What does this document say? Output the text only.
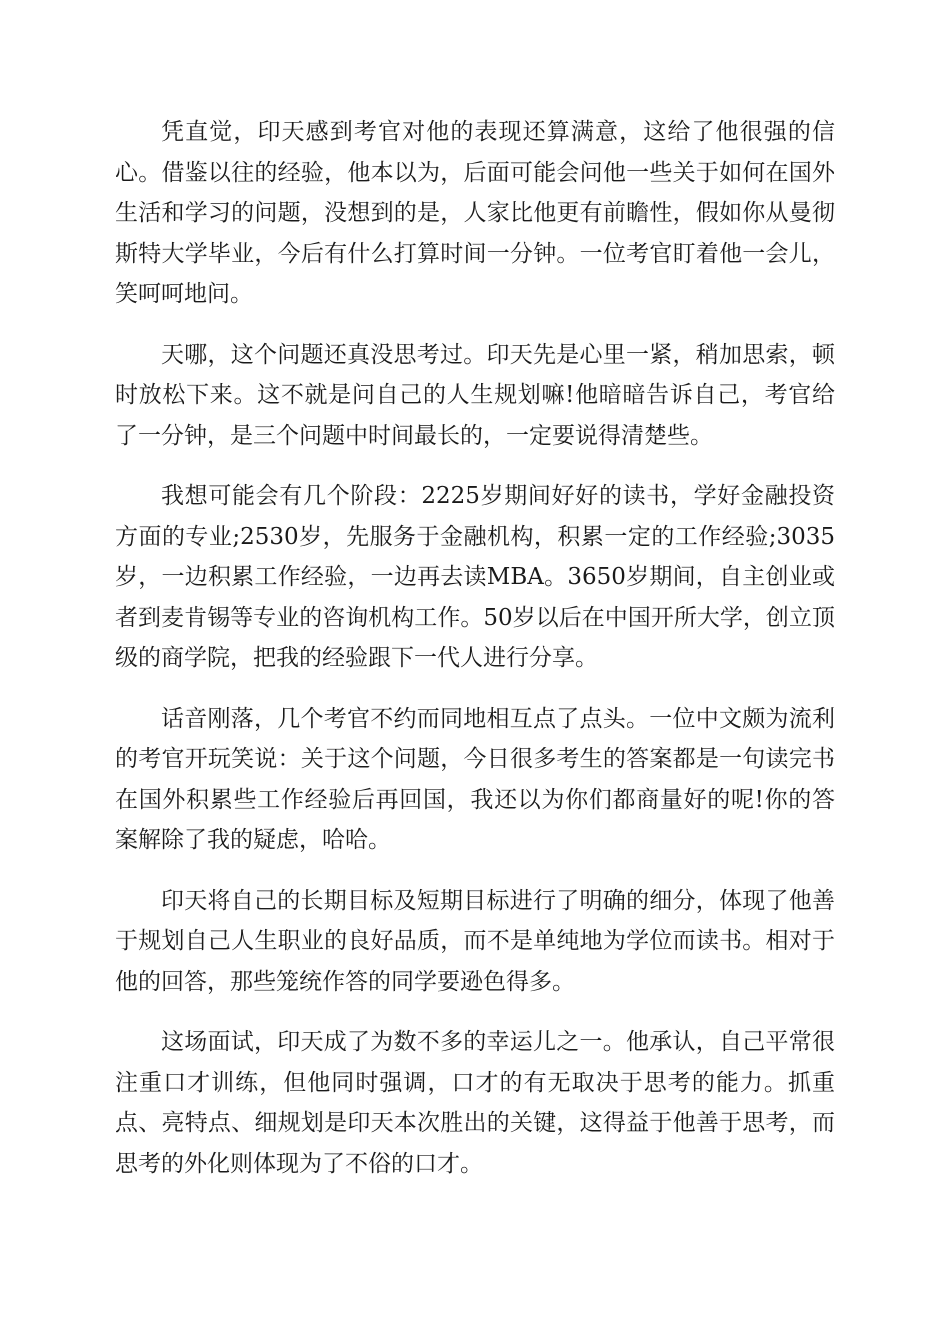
凭直觉，印天感到考官对他的表现还算满意，这给了他很强的信心。借鉴以往的经验，他本以为，后面可能会问他一些关于如何在国外生活和学习的问题，没想到的是，人家比他更有前瞻性，假如你从曼彻斯特大学毕业，今后有什么打算时间一分钟。一位考官盯着他一会儿，笑呵呵地问。

天哪，这个问题还真没思考过。印天先是心里一紧，稍加思索，顿时放松下来。这不就是问自己的人生规划嘛!他暗暗告诉自己，考官给了一分钟，是三个问题中时间最长的，一定要说得清楚些。

我想可能会有几个阶段：2225岁期间好好的读书，学好金融投资方面的专业;2530岁，先服务于金融机构，积累一定的工作经验;3035岁，一边积累工作经验，一边再去读MBA。3650岁期间，自主创业或者到麦肯锡等专业的咨询机构工作。50岁以后在中国开所大学，创立顶级的商学院，把我的经验跟下一代人进行分享。

话音刚落，几个考官不约而同地相互点了点头。一位中文颇为流利的考官开玩笑说：关于这个问题，今日很多考生的答案都是一句读完书在国外积累些工作经验后再回国，我还以为你们都商量好的呢!你的答案解除了我的疑虑，哈哈。

印天将自己的长期目标及短期目标进行了明确的细分，体现了他善于规划自己人生职业的良好品质，而不是单纯地为学位而读书。相对于他的回答，那些笼统作答的同学要逊色得多。

这场面试，印天成了为数不多的幸运儿之一。他承认，自己平常很注重口才训练，但他同时强调，口才的有无取决于思考的能力。抓重点、亮特点、细规划是印天本次胜出的关键，这得益于他善于思考，而思考的外化则体现为了不俗的口才。
